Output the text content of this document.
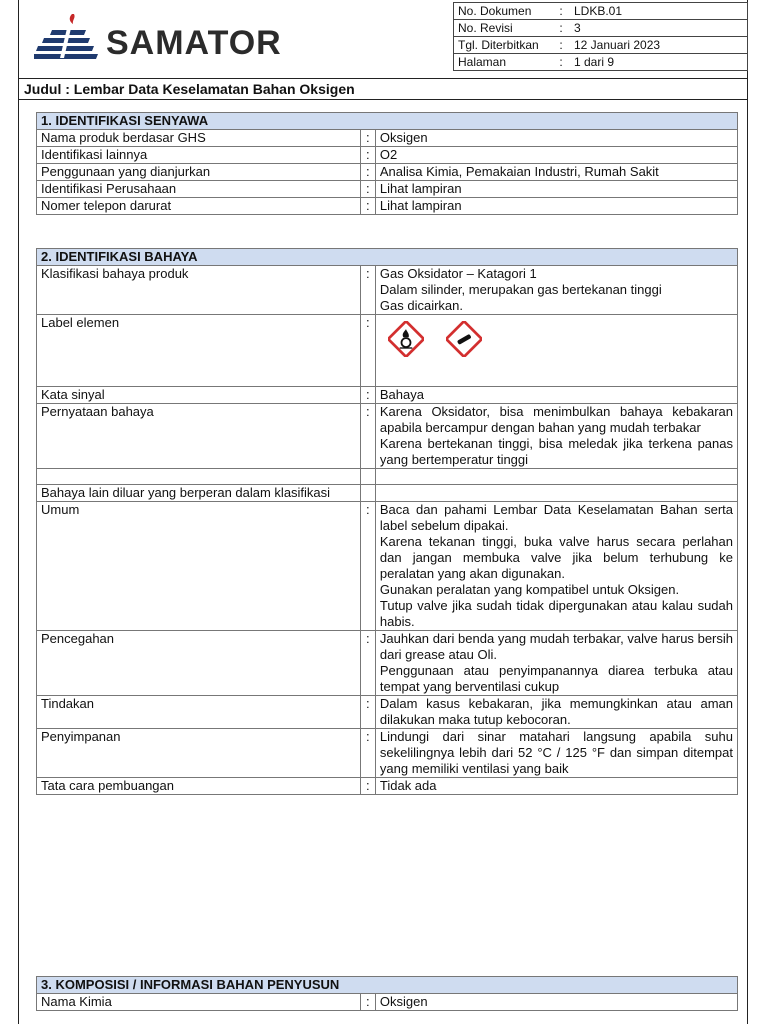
SAMATOR
No. Dokumen	:	LDKB.01
No. Revisi	:	3
Tgl. Diterbitkan	:	12 Januari 2023
Halaman	:	1 dari 9
Judul : Lembar Data Keselamatan Bahan Oksigen
1. IDENTIFIKASI SENYAWA		
Nama produk berdasar GHS	:	Oksigen
Identifikasi lainnya	:	O2
Penggunaan yang dianjurkan	:	Analisa Kimia, Pemakaian Industri, Rumah Sakit
Identifikasi Perusahaan	:	Lihat lampiran
Nomer telepon darurat	:	Lihat lampiran
2. IDENTIFIKASI BAHAYA		
Klasifikasi bahaya produk	:	Gas Oksidator – Katagori 1
Dalam silinder, merupakan gas bertekanan tinggi
Gas dicairkan.

Label elemen	:	
Kata sinyal	:	Bahaya
Pernyataan bahaya	:	Karena Oksidator, bisa menimbulkan bahaya kebakaran apabila bercampur dengan bahan yang mudah terbakar
Karena bertekanan tinggi, bisa meledak jika terkena panas yang bertemperatur tinggi

Bahaya lain diluar yang berperan dalam klasifikasi		
Umum	:	Baca dan pahami Lembar Data Keselamatan Bahan serta label sebelum dipakai.
Karena tekanan tinggi, buka valve harus secara perlahan dan jangan membuka valve jika belum terhubung ke peralatan yang akan digunakan.
Gunakan peralatan yang kompatibel untuk Oksigen.
Tutup valve jika sudah tidak dipergunakan atau kalau sudah habis.

Pencegahan	:	Jauhkan dari benda yang mudah terbakar, valve harus bersih dari grease atau Oli.
Penggunaan atau penyimpanannya diarea terbuka atau tempat yang berventilasi cukup

Tindakan	:	Dalam kasus kebakaran, jika memungkinkan atau aman dilakukan maka tutup kebocoran.
Penyimpanan	:	Lindungi dari sinar matahari langsung apabila suhu sekelilingnya lebih dari 52 °C / 125 °F dan simpan ditempat yang memiliki ventilasi yang baik
Tata cara pembuangan	:	Tidak ada
3. KOMPOSISI / INFORMASI BAHAN PENYUSUN
Nama Kimia	:	Oksigen
